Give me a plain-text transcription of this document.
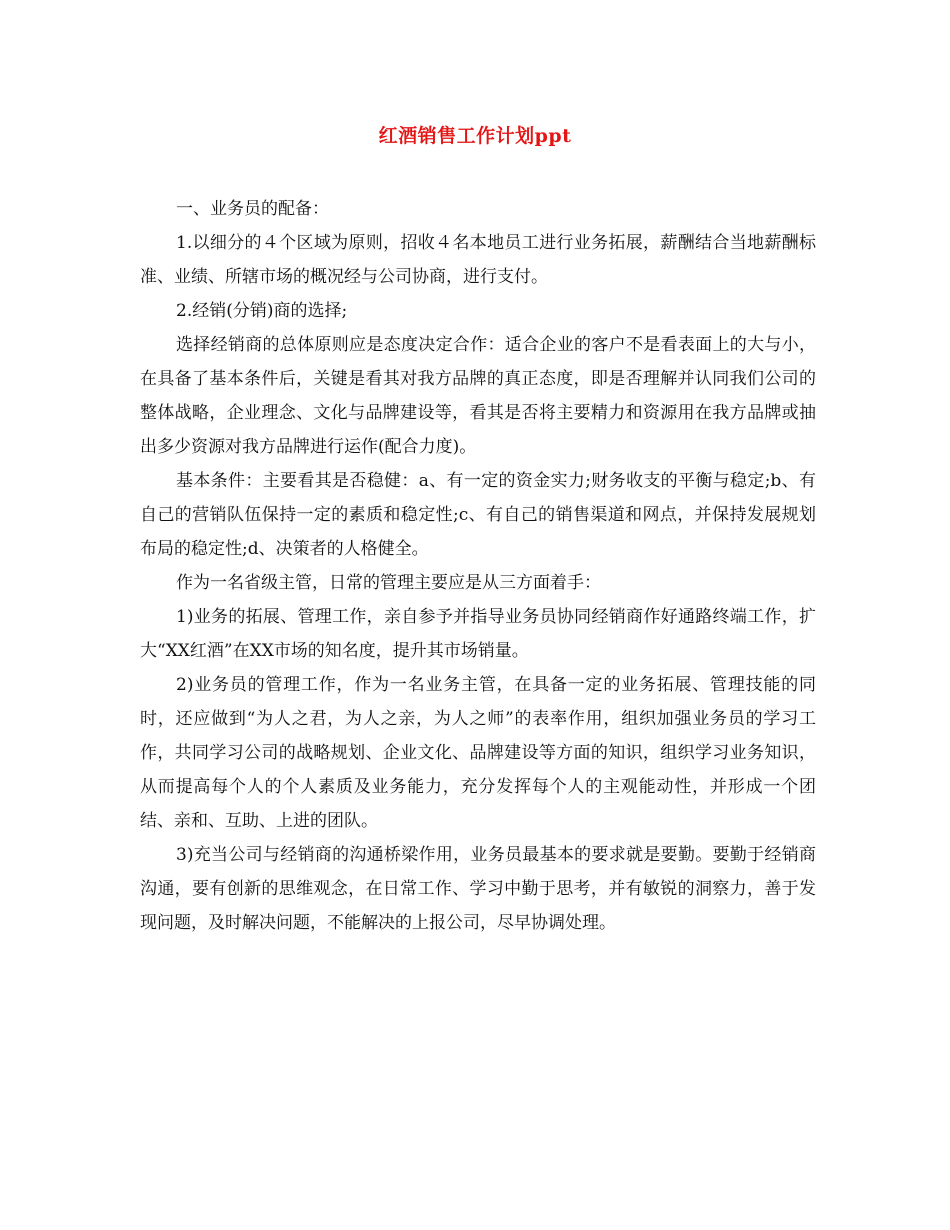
红酒销售工作计划ppt

一、业务员的配备：

1.以细分的４个区域为原则，招收４名本地员工进行业务拓展，薪酬结合当地薪酬标准、业绩、所辖市场的概况经与公司协商，进行支付。

2.经销(分销)商的选择;

选择经销商的总体原则应是态度决定合作：适合企业的客户不是看表面上的大与小，在具备了基本条件后，关键是看其对我方品牌的真正态度，即是否理解并认同我们公司的整体战略，企业理念、文化与品牌建设等，看其是否将主要精力和资源用在我方品牌或抽出多少资源对我方品牌进行运作(配合力度)。

基本条件：主要看其是否稳健：a、有一定的资金实力;财务收支的平衡与稳定;b、有自己的营销队伍保持一定的素质和稳定性;c、有自己的销售渠道和网点，并保持发展规划布局的稳定性;d、决策者的人格健全。

作为一名省级主管，日常的管理主要应是从三方面着手：

1)业务的拓展、管理工作，亲自参予并指导业务员协同经销商作好通路终端工作，扩大“XX红酒”在XX市场的知名度，提升其市场销量。

2)业务员的管理工作，作为一名业务主管，在具备一定的业务拓展、管理技能的同时，还应做到“为人之君，为人之亲，为人之师”的表率作用，组织加强业务员的学习工作，共同学习公司的战略规划、企业文化、品牌建设等方面的知识，组织学习业务知识，从而提高每个人的个人素质及业务能力，充分发挥每个人的主观能动性，并形成一个团结、亲和、互助、上进的团队。

3)充当公司与经销商的沟通桥梁作用，业务员最基本的要求就是要勤。要勤于经销商沟通，要有创新的思维观念，在日常工作、学习中勤于思考，并有敏锐的洞察力，善于发现问题，及时解决问题，不能解决的上报公司，尽早协调处理。
